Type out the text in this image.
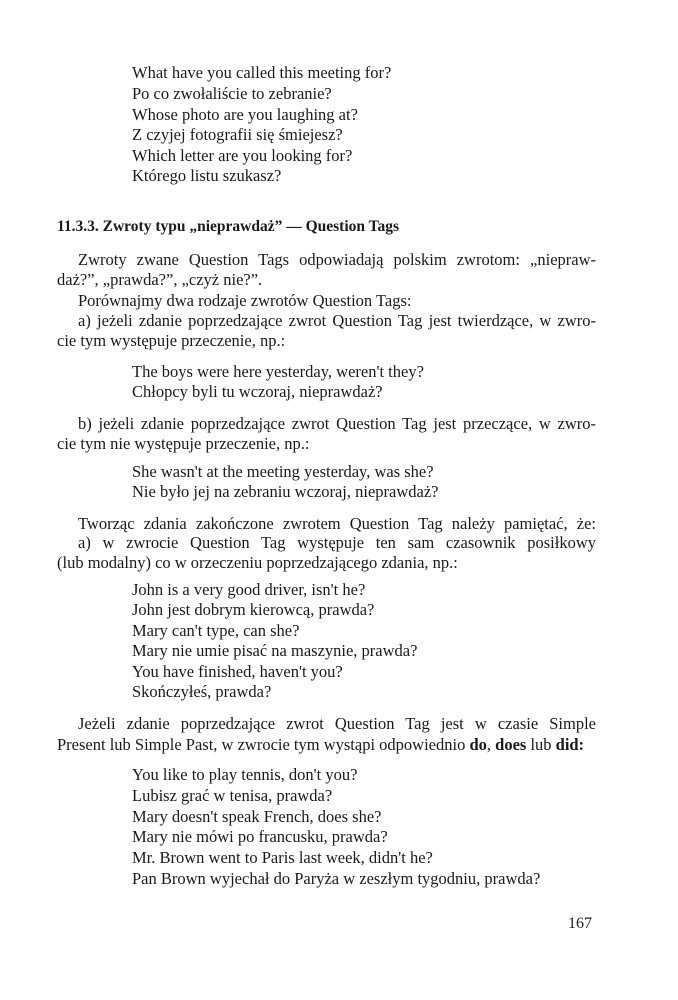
What have you called this meeting for?
Po co zwołaliście to zebranie?
Whose photo are you laughing at?
Z czyjej fotografii się śmiejesz?
Which letter are you looking for?
Którego listu szukasz?
11.3.3. Zwroty typu „nieprawdaż” — Question Tags
Zwroty zwane Question Tags odpowiadają polskim zwrotom: „niepraw-
daż?”, „prawda?”, „czyż nie?”.
Porównajmy dwa rodzaje zwrotów Question Tags:
a) jeżeli zdanie poprzedzające zwrot Question Tag jest twierdzące, w zwro-
cie tym występuje przeczenie, np.:
The boys were here yesterday, weren't they?
Chłopcy byli tu wczoraj, nieprawdaż?
b) jeżeli zdanie poprzedzające zwrot Question Tag jest przeczące, w zwro-
cie tym nie występuje przeczenie, np.:
She wasn't at the meeting yesterday, was she?
Nie było jej na zebraniu wczoraj, nieprawdaż?
Tworząc zdania zakończone zwrotem Question Tag należy pamiętać, że:
a) w zwrocie Question Tag występuje ten sam czasownik posiłkowy
(lub modalny) co w orzeczeniu poprzedzającego zdania, np.:
John is a very good driver, isn't he?
John jest dobrym kierowcą, prawda?
Mary can't type, can she?
Mary nie umie pisać na maszynie, prawda?
You have finished, haven't you?
Skończyłeś, prawda?
Jeżeli zdanie poprzedzające zwrot Question Tag jest w czasie Simple
Present lub Simple Past, w zwrocie tym wystąpi odpowiednio do, does lub did:
You like to play tennis, don't you?
Lubisz grać w tenisa, prawda?
Mary doesn't speak French, does she?
Mary nie mówi po francusku, prawda?
Mr. Brown went to Paris last week, didn't he?
Pan Brown wyjechał do Paryża w zeszłym tygodniu, prawda?
167
